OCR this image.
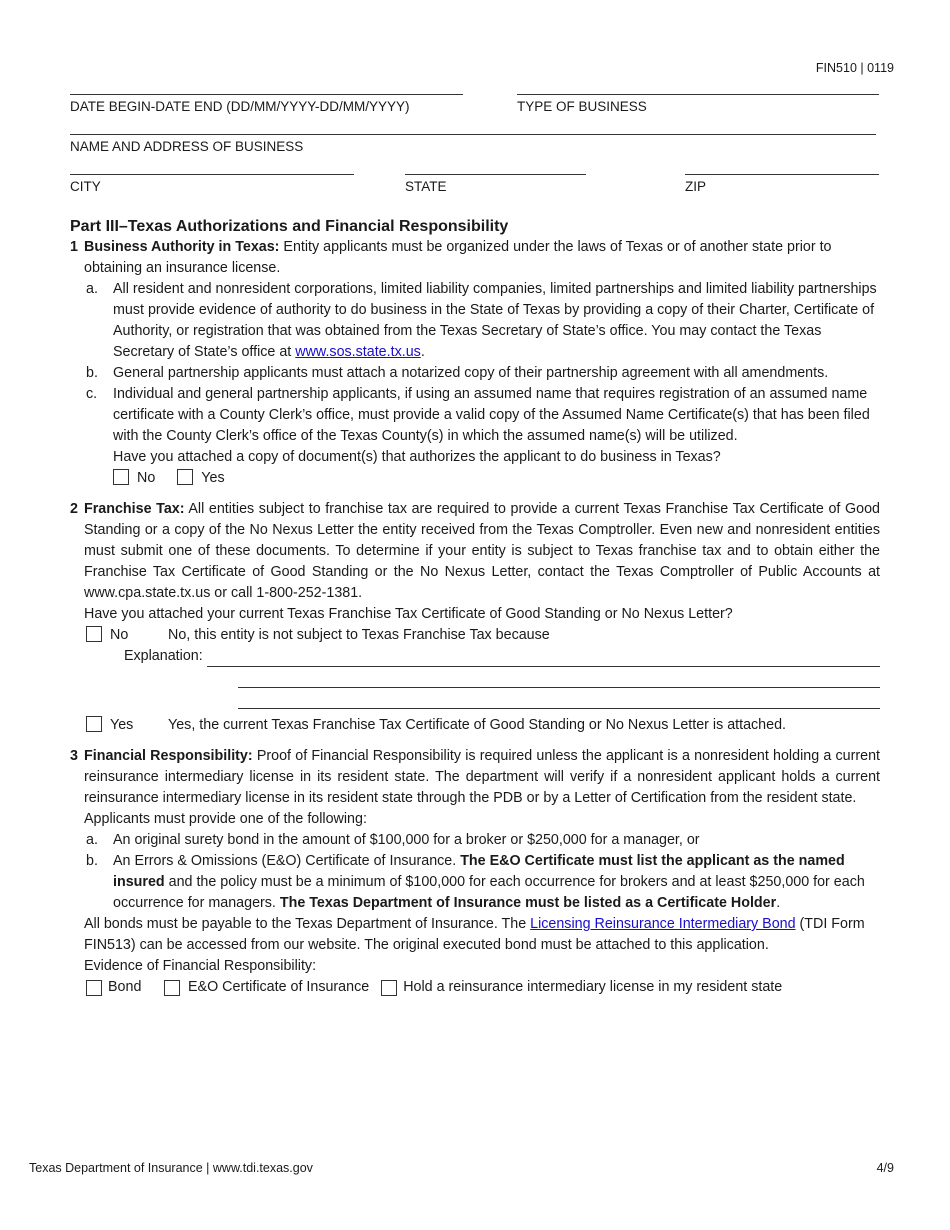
FIN510 | 0119
DATE BEGIN-DATE END (DD/MM/YYYY-DD/MM/YYYY)	TYPE OF BUSINESS
NAME AND ADDRESS OF BUSINESS
CITY	STATE	ZIP
Part III–Texas Authorizations and Financial Responsibility
1 Business Authority in Texas: Entity applicants must be organized under the laws of Texas or of another state prior to obtaining an insurance license.
a. All resident and nonresident corporations, limited liability companies, limited partnerships and limited liability partnerships must provide evidence of authority to do business in the State of Texas by providing a copy of their Charter, Certificate of Authority, or registration that was obtained from the Texas Secretary of State’s office. You may contact the Texas Secretary of State’s office at www.sos.state.tx.us.
b. General partnership applicants must attach a notarized copy of their partnership agreement with all amendments.
c. Individual and general partnership applicants, if using an assumed name that requires registration of an assumed name certificate with a County Clerk’s office, must provide a valid copy of the Assumed Name Certificate(s) that has been filed with the County Clerk’s office of the Texas County(s) in which the assumed name(s) will be utilized.
Have you attached a copy of document(s) that authorizes the applicant to do business in Texas?
No	Yes
2 Franchise Tax: All entities subject to franchise tax are required to provide a current Texas Franchise Tax Certificate of Good Standing or a copy of the No Nexus Letter the entity received from the Texas Comptroller. Even new and nonresident entities must submit one of these documents. To determine if your entity is subject to Texas franchise tax and to obtain either the Franchise Tax Certificate of Good Standing or the No Nexus Letter, contact the Texas Comptroller of Public Accounts at www.cpa.state.tx.us or call 1-800-252-1381.
Have you attached your current Texas Franchise Tax Certificate of Good Standing or No Nexus Letter?
No	No, this entity is not subject to Texas Franchise Tax because
Explanation:
Yes Yes, the current Texas Franchise Tax Certificate of Good Standing or No Nexus Letter is attached.
3 Financial Responsibility: Proof of Financial Responsibility is required unless the applicant is a nonresident holding a current reinsurance intermediary license in its resident state. The department will verify if a nonresident applicant holds a current reinsurance intermediary license in its resident state through the PDB or by a Letter of Certification from the resident state.
Applicants must provide one of the following:
a. An original surety bond in the amount of $100,000 for a broker or $250,000 for a manager, or
b. An Errors & Omissions (E&O) Certificate of Insurance. The E&O Certificate must list the applicant as the named insured and the policy must be a minimum of $100,000 for each occurrence for brokers and at least $250,000 for each occurrence for managers. The Texas Department of Insurance must be listed as a Certificate Holder.
All bonds must be payable to the Texas Department of Insurance. The Licensing Reinsurance Intermediary Bond (TDI Form FIN513) can be accessed from our website. The original executed bond must be attached to this application.
Evidence of Financial Responsibility:
Bond	E&O Certificate of Insurance Hold a reinsurance intermediary license in my resident state
Texas Department of Insurance | www.tdi.texas.gov	4/9
